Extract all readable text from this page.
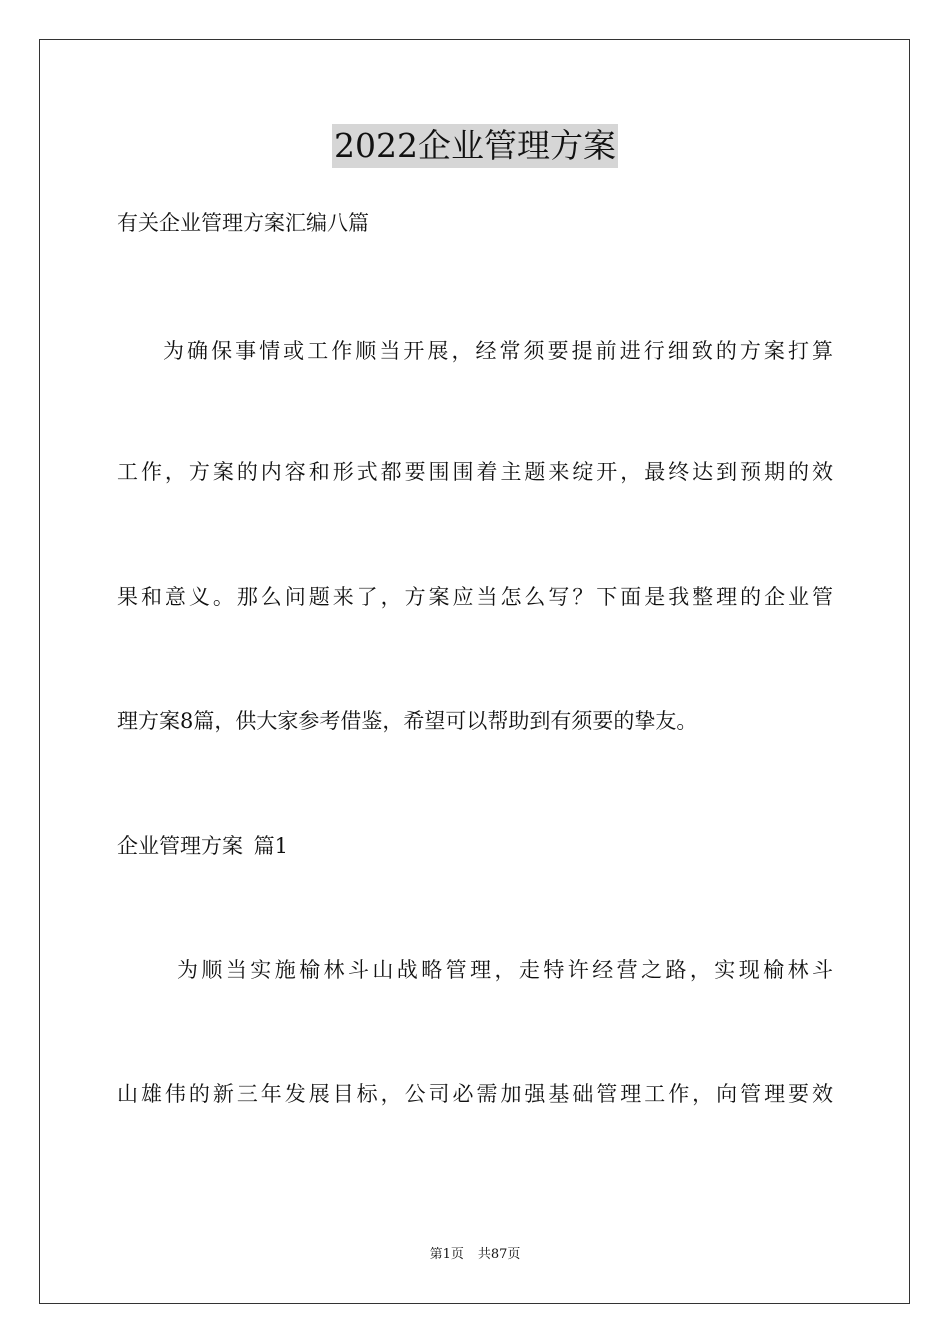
2022企业管理方案
有关企业管理方案汇编八篇
为确保事情或工作顺当开展，经常须要提前进行细致的方案打算
工作，方案的内容和形式都要围围着主题来绽开，最终达到预期的效
果和意义。那么问题来了，方案应当怎么写？下面是我整理的企业管
理方案8篇，供大家参考借鉴，希望可以帮助到有须要的挚友。
企业管理方案 篇1
为顺当实施榆林斗山战略管理，走特许经营之路，实现榆林斗
山雄伟的新三年发展目标，公司必需加强基础管理工作，向管理要效
第1页 共87页
